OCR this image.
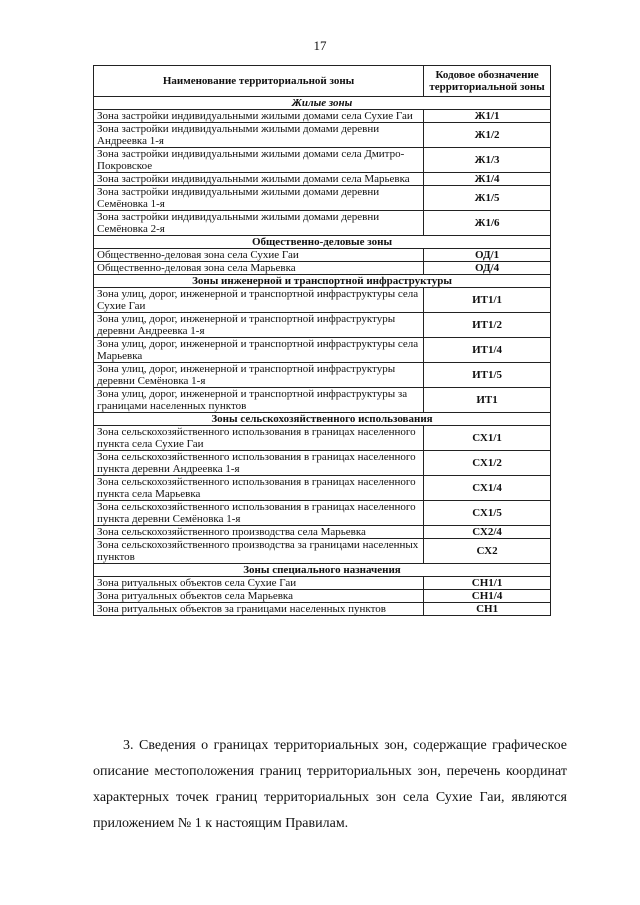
17
Наименование территориальной зоны	Кодовое обозначение территориальной зоны
Жилые зоны	
Зона застройки индивидуальными жилыми домами села Сухие Гаи	Ж1/1
Зона застройки индивидуальными жилыми домами деревни Андреевка 1-я	Ж1/2
Зона застройки индивидуальными жилыми домами села Дмитро-Покровское	Ж1/3
Зона застройки индивидуальными жилыми домами села Марьевка	Ж1/4
Зона застройки индивидуальными жилыми домами деревни Семёновка 1-я	Ж1/5
Зона застройки индивидуальными жилыми домами деревни Семёновка 2-я	Ж1/6
Общественно-деловые зоны	
Общественно-деловая зона села Сухие Гаи	ОД/1
Общественно-деловая зона села Марьевка	ОД/4
Зоны инженерной и транспортной инфраструктуры	
Зона улиц, дорог, инженерной и транспортной инфраструктуры села Сухие Гаи	ИТ1/1
Зона улиц, дорог, инженерной и транспортной инфраструктуры деревни Андреевка 1-я	ИТ1/2
Зона улиц, дорог, инженерной и транспортной инфраструктуры села Марьевка	ИТ1/4
Зона улиц, дорог, инженерной и транспортной инфраструктуры деревни Семёновка 1-я	ИТ1/5
Зона улиц, дорог, инженерной и транспортной инфраструктуры за границами населенных пунктов	ИТ1
Зоны сельскохозяйственного использования	
Зона сельскохозяйственного использования в границах населенного пункта села Сухие Гаи	СХ1/1
Зона сельскохозяйственного использования в границах населенного пункта деревни Андреевка 1-я	СХ1/2
Зона сельскохозяйственного использования в границах населенного пункта села Марьевка	СХ1/4
Зона сельскохозяйственного использования в границах населенного пункта деревни Семёновка 1-я	СХ1/5
Зона сельскохозяйственного производства села Марьевка	СХ2/4
Зона сельскохозяйственного производства за границами населенных пунктов	СХ2
Зоны специального назначения	
Зона ритуальных объектов села Сухие Гаи	СН1/1
Зона ритуальных объектов села Марьевка	СН1/4
Зона ритуальных объектов за границами населенных пунктов	СН1
3. Сведения о границах территориальных зон, содержащие графическое описание местоположения границ территориальных зон, перечень координат характерных точек границ территориальных зон села Сухие Гаи, являются приложением № 1 к настоящим Правилам.
